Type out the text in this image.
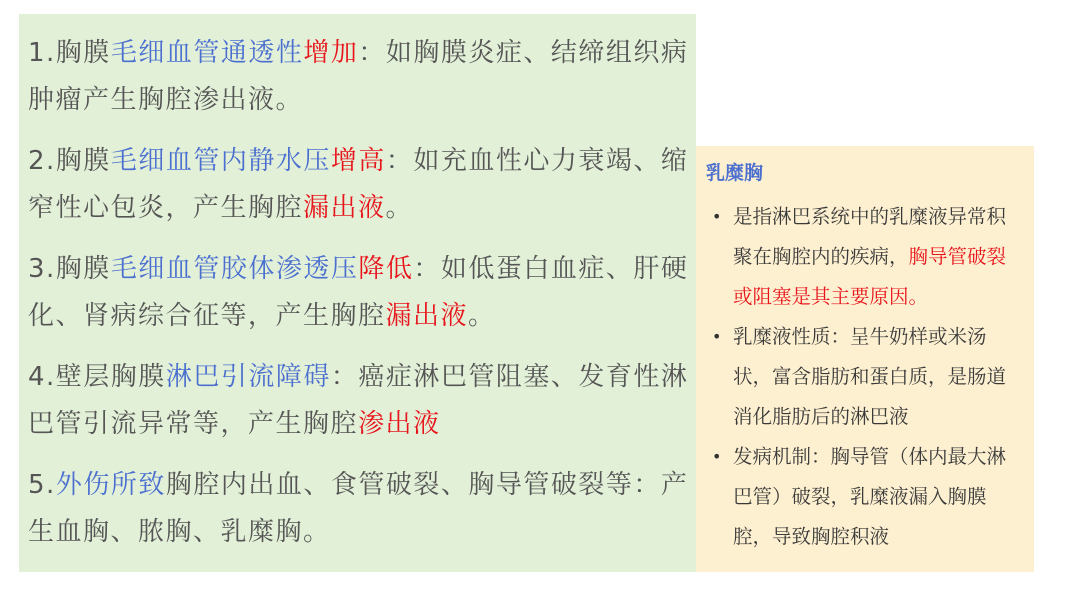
1.胸膜毛细血管通透性增加：如胸膜炎症、结缔组织病肿瘤产生胸腔渗出液。
2.胸膜毛细血管内静水压增高：如充血性心力衰竭、缩窄性心包炎，产生胸腔漏出液。
3.胸膜毛细血管胶体渗透压降低：如低蛋白血症、肝硬化、肾病综合征等，产生胸腔漏出液。
4.壁层胸膜淋巴引流障碍：癌症淋巴管阻塞、发育性淋巴管引流异常等，产生胸腔渗出液
5.外伤所致胸腔内出血、食管破裂、胸导管破裂等：产生血胸、脓胸、乳糜胸。
乳糜胸
• 是指淋巴系统中的乳糜液异常积聚在胸腔内的疾病，胸导管破裂或阻塞是其主要原因。
• 乳糜液性质：呈牛奶样或米汤状，富含脂肪和蛋白质，是肠道消化脂肪后的淋巴液
• 发病机制：胸导管（体内最大淋巴管）破裂，乳糜液漏入胸膜腔，导致胸腔积液
